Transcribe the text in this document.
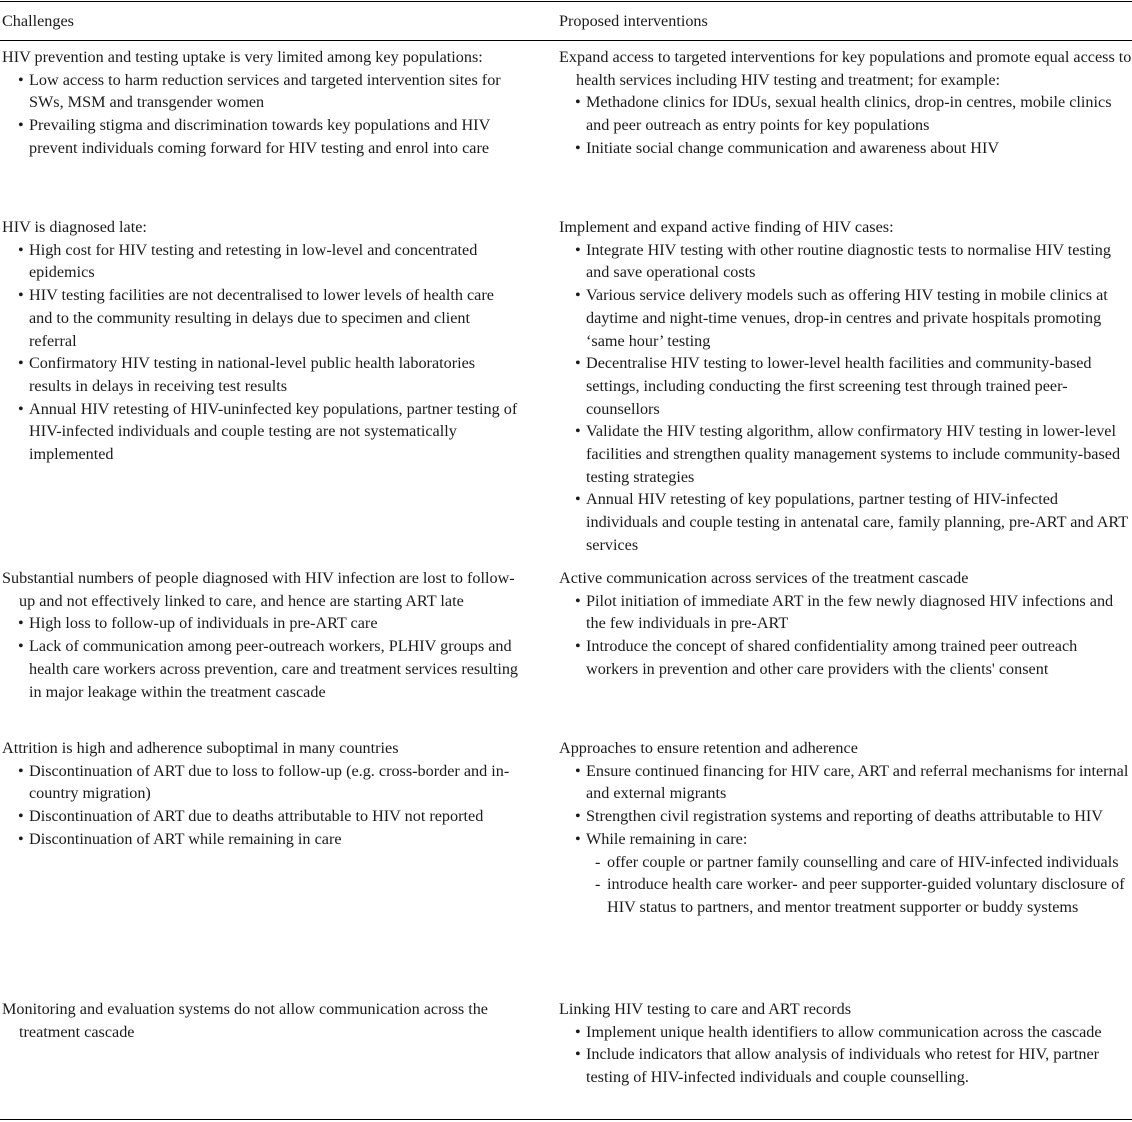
Challenges	Proposed interventions

HIV prevention and testing uptake is very limited among key populations:

• Low access to harm reduction services and targeted intervention sites for SWs, MSM and transgender women
• Prevailing stigma and discrimination towards key populations and HIV prevent individuals coming forward for HIV testing and enrol into care

Expand access to targeted interventions for key populations and promote equal access to health services including HIV testing and treatment; for example:

• Methadone clinics for IDUs, sexual health clinics, drop-in centres, mobile clinics and peer outreach as entry points for key populations
• Initiate social change communication and awareness about HIV

HIV is diagnosed late:

• High cost for HIV testing and retesting in low-level and concentrated epidemics
• HIV testing facilities are not decentralised to lower levels of health care and to the community resulting in delays due to specimen and client referral
• Confirmatory HIV testing in national-level public health laboratories results in delays in receiving test results
• Annual HIV retesting of HIV-uninfected key populations, partner testing of HIV-infected individuals and couple testing are not systematically implemented

Implement and expand active finding of HIV cases:

• Integrate HIV testing with other routine diagnostic tests to normalise HIV testing and save operational costs
• Various service delivery models such as offering HIV testing in mobile clinics at daytime and night-time venues, drop-in centres and private hospitals promoting ‘same hour’ testing
• Decentralise HIV testing to lower-level health facilities and community-based settings, including conducting the first screening test through trained peer-counsellors
• Validate the HIV testing algorithm, allow confirmatory HIV testing in lower-level facilities and strengthen quality management systems to include community-based testing strategies
• Annual HIV retesting of key populations, partner testing of HIV-infected individuals and couple testing in antenatal care, family planning, pre-ART and ART services

Substantial numbers of people diagnosed with HIV infection are lost to follow-up and not effectively linked to care, and hence are starting ART late

• High loss to follow-up of individuals in pre-ART care
• Lack of communication among peer-outreach workers, PLHIV groups and health care workers across prevention, care and treatment services resulting in major leakage within the treatment cascade

Active communication across services of the treatment cascade

• Pilot initiation of immediate ART in the few newly diagnosed HIV infections and the few individuals in pre-ART
• Introduce the concept of shared confidentiality among trained peer outreach workers in prevention and other care providers with the clients' consent

Attrition is high and adherence suboptimal in many countries

• Discontinuation of ART due to loss to follow-up (e.g. cross-border and in-country migration)
• Discontinuation of ART due to deaths attributable to HIV not reported
• Discontinuation of ART while remaining in care

Approaches to ensure retention and adherence

• Ensure continued financing for HIV care, ART and referral mechanisms for internal and external migrants
• Strengthen civil registration systems and reporting of deaths attributable to HIV
• While remaining in care:
- offer couple or partner family counselling and care of HIV-infected individuals
- introduce health care worker- and peer supporter-guided voluntary disclosure of HIV status to partners, and mentor treatment supporter or buddy systems

Monitoring and evaluation systems do not allow communication across the treatment cascade

Linking HIV testing to care and ART records

• Implement unique health identifiers to allow communication across the cascade
• Include indicators that allow analysis of individuals who retest for HIV, partner testing of HIV-infected individuals and couple counselling.
